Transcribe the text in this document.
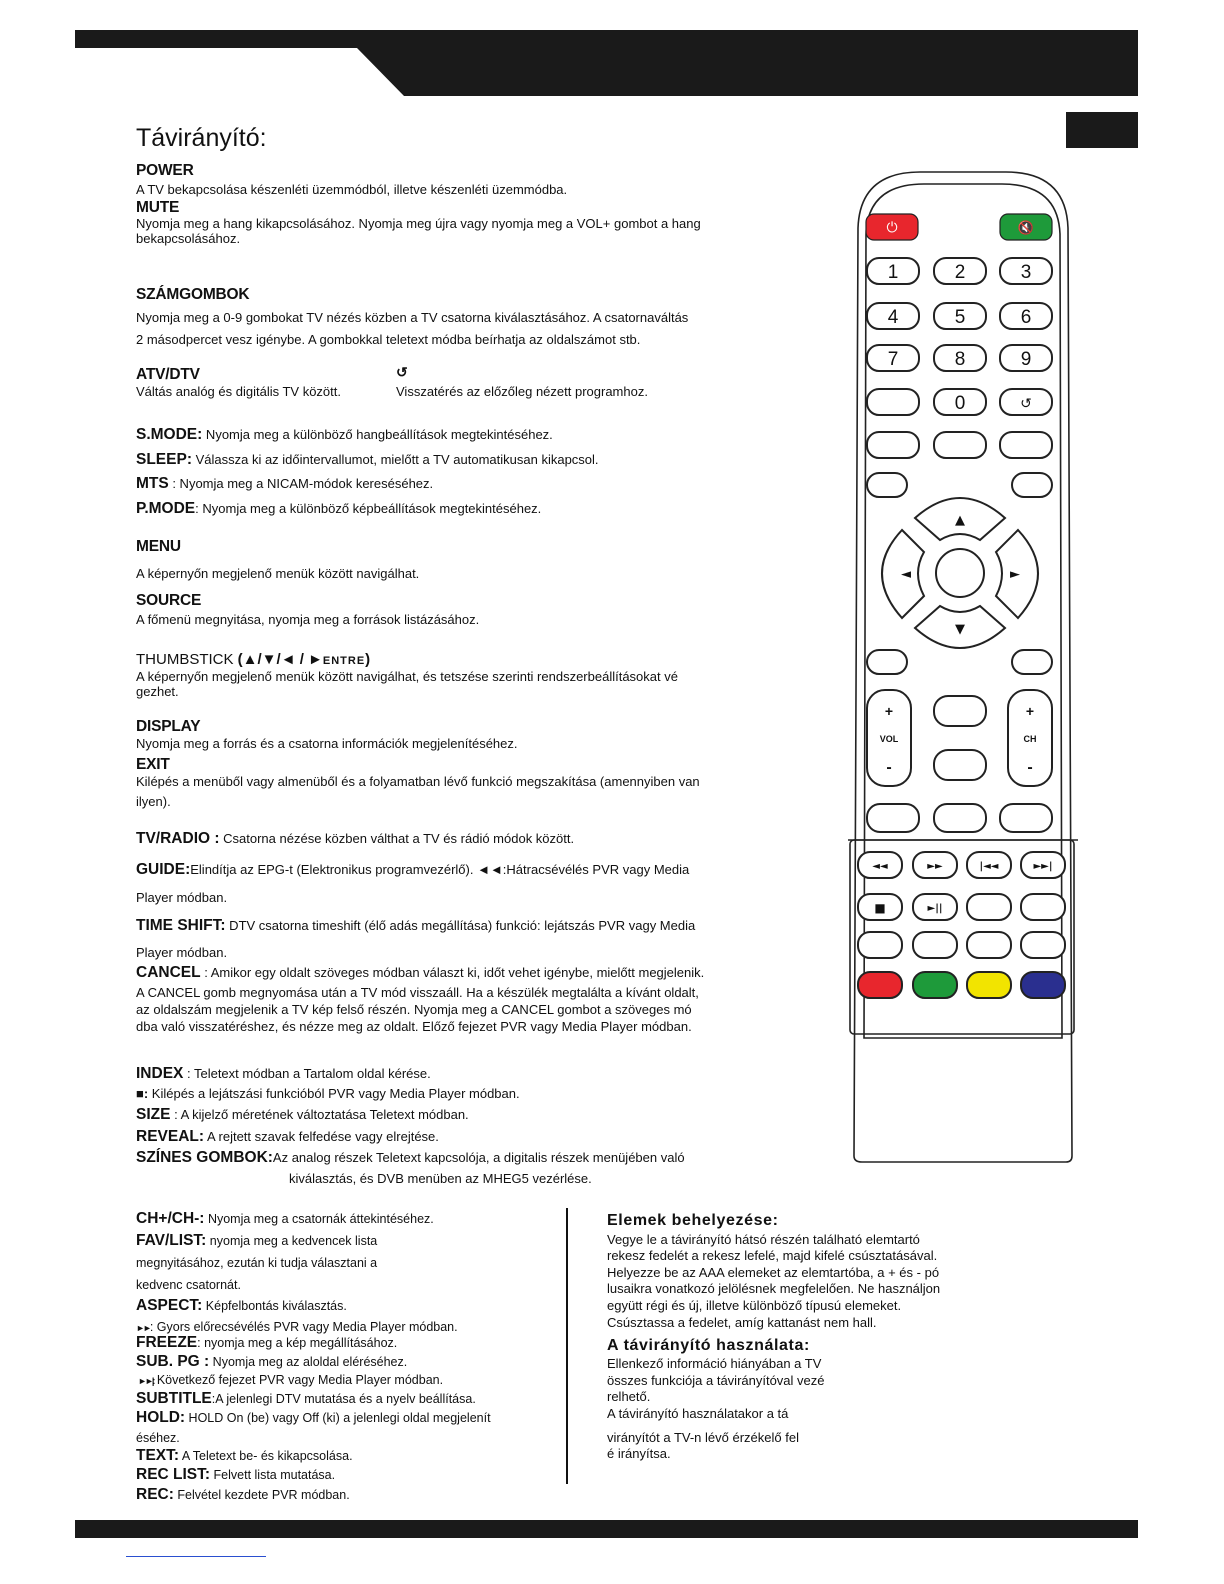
Távirányító:
POWER
A TV bekapcsolása készenléti üzemmódból, illetve készenléti üzemmódba.
MUTE
Nyomja meg a hang kikapcsolásához. Nyomja meg újra vagy nyomja meg a VOL+ gombot a hang
bekapcsolásához.
SZÁMGOMBOK
Nyomja meg a 0-9 gombokat TV nézés közben a TV csatorna kiválasztásához. A csatornaváltás
2 másodpercet vesz igénybe. A gombokkal teletext módba beírhatja az oldalszámot stb.
ATV/DTV
Váltás analóg és digitális TV között.
↺
Visszatérés az előzőleg nézett programhoz.
S.MODE: Nyomja meg a különböző hangbeállítások megtekintéséhez.
SLEEP: Válassza ki az időintervallumot, mielőtt a TV automatikusan kikapcsol.
MTS : Nyomja meg a NICAM-módok kereséséhez.
P.MODE: Nyomja meg a különböző képbeállítások megtekintéséhez.
MENU
A képernyőn megjelenő menük között navigálhat.
SOURCE
A főmenü megnyitása, nyomja meg a források listázásához.
THUMBSTICK (▲/▼/◄ / ►ENTRE)
A képernyőn megjelenő menük között navigálhat, és tetszése szerinti rendszerbeállításokat vé
gezhet.
DISPLAY
Nyomja meg a forrás és a csatorna információk megjelenítéséhez.
EXIT
Kilépés a menüből vagy almenüből és a folyamatban lévő funkció megszakítása (amennyiben van
ilyen).
TV/RADIO : Csatorna nézése közben válthat a TV és rádió módok között.
GUIDE:Elindítja az EPG-t (Elektronikus programvezérlő). ◄◄:Hátracsévélés PVR vagy Media
Player módban.
TIME SHIFT: DTV csatorna timeshift (élő adás megállítása) funkció: lejátszás PVR vagy Media
Player módban.
CANCEL : Amikor egy oldalt szöveges módban választ ki, időt vehet igénybe, mielőtt megjelenik.
A CANCEL gomb megnyomása után a TV mód visszaáll. Ha a készülék megtalálta a kívánt oldalt,
az oldalszám megjelenik a TV kép felső részén. Nyomja meg a CANCEL gombot a szöveges mó
dba való visszatéréshez, és nézze meg az oldalt. Előző fejezet PVR vagy Media Player módban.
INDEX : Teletext módban a Tartalom oldal kérése.
■: Kilépés a lejátszási funkcióból PVR vagy Media Player módban.
SIZE : A kijelző méretének változtatása Teletext módban.
REVEAL: A rejtett szavak felfedése vagy elrejtése.
SZÍNES GOMBOK:Az analog részek Teletext kapcsolója, a digitalis részek menüjében való
kiválasztás, és DVB menüben az MHEG5 vezérlése.
CH+/CH-: Nyomja meg a csatornák áttekintéséhez.
FAV/LIST: nyomja meg a kedvencek lista
megnyitásához, ezután ki tudja választani a
kedvenc csatornát.
ASPECT: Képfelbontás kiválasztás.
►►: Gyors előrecsévélés PVR vagy Media Player módban.
FREEZE: nyomja meg a kép megállításához.
SUB. PG : Nyomja meg az aloldal eléréséhez.
►►|: Következő fejezet PVR vagy Media Player módban.
SUBTITLE:A jelenlegi DTV mutatása és a nyelv beállítása.
HOLD: HOLD On (be) vagy Off (ki) a jelenlegi oldal megjelenít
éséhez.
TEXT: A Teletext be- és kikapcsolása.
REC LIST: Felvett lista mutatása.
REC: Felvétel kezdete PVR módban.
Elemek behelyezése:
Vegye le a távirányító hátsó részén található elemtartó
rekesz fedelét a rekesz lefelé, majd kifelé csúsztatásával.
Helyezze be az AAA elemeket az elemtartóba, a + és - pó
lusaikra vonatkozó jelölésnek megfelelően. Ne használjon
együtt régi és új, illetve különböző típusú elemeket.
Csúsztassa a fedelet, amíg kattanást nem hall.
A távirányító használata:
Ellenkező információ hiányában a TV
összes funkciója a távirányítóval vezé
relhető.
A távirányító használatakor a tá
virányítót a TV-n lévő érzékelő fel
é irányítsa.
⏻	🔇
1	2	3
4	5	6
7	8	9
0	↺
▲
▼
◄	►
+
VOL
-
+
CH
-
◄◄	►►	|◄◄	►►|
■	►||
